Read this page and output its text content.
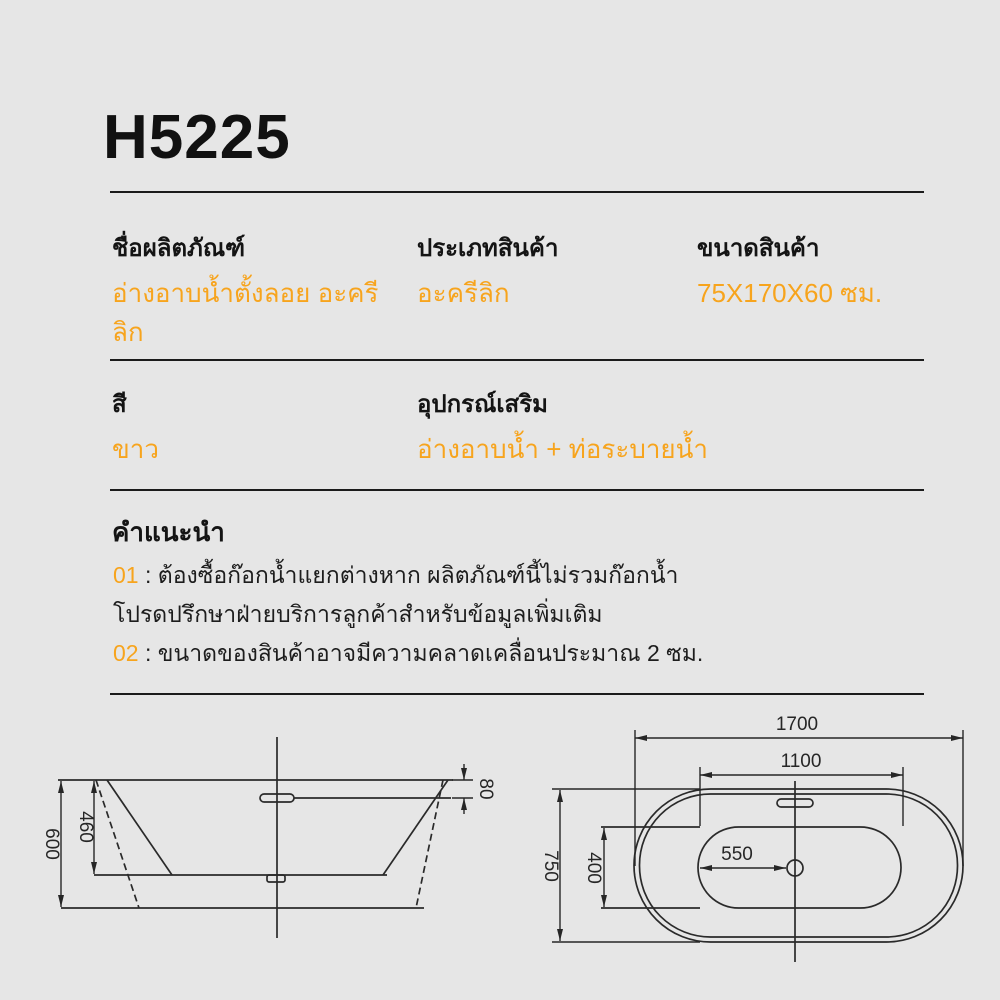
H5225
ชื่อผลิตภัณฑ์
อ่างอาบน้ำตั้งลอย อะครีลิก
ประเภทสินค้า
อะครีลิก
ขนาดสินค้า
75X170X60 ซม.
สี
ขาว
อุปกรณ์เสริม
อ่างอาบน้ำ + ท่อระบายน้ำ
คำแนะนำ
01 : ต้องซื้อก๊อกน้ำแยกต่างหาก ผลิตภัณฑ์นี้ไม่รวมก๊อกน้ำ
โปรดปรึกษาฝ่ายบริการลูกค้าสำหรับข้อมูลเพิ่มเติม
02 : ขนาดของสินค้าอาจมีความคลาดเคลื่อนประมาณ 2 ซม.
600
460
80
1700
1100
550
750 400
